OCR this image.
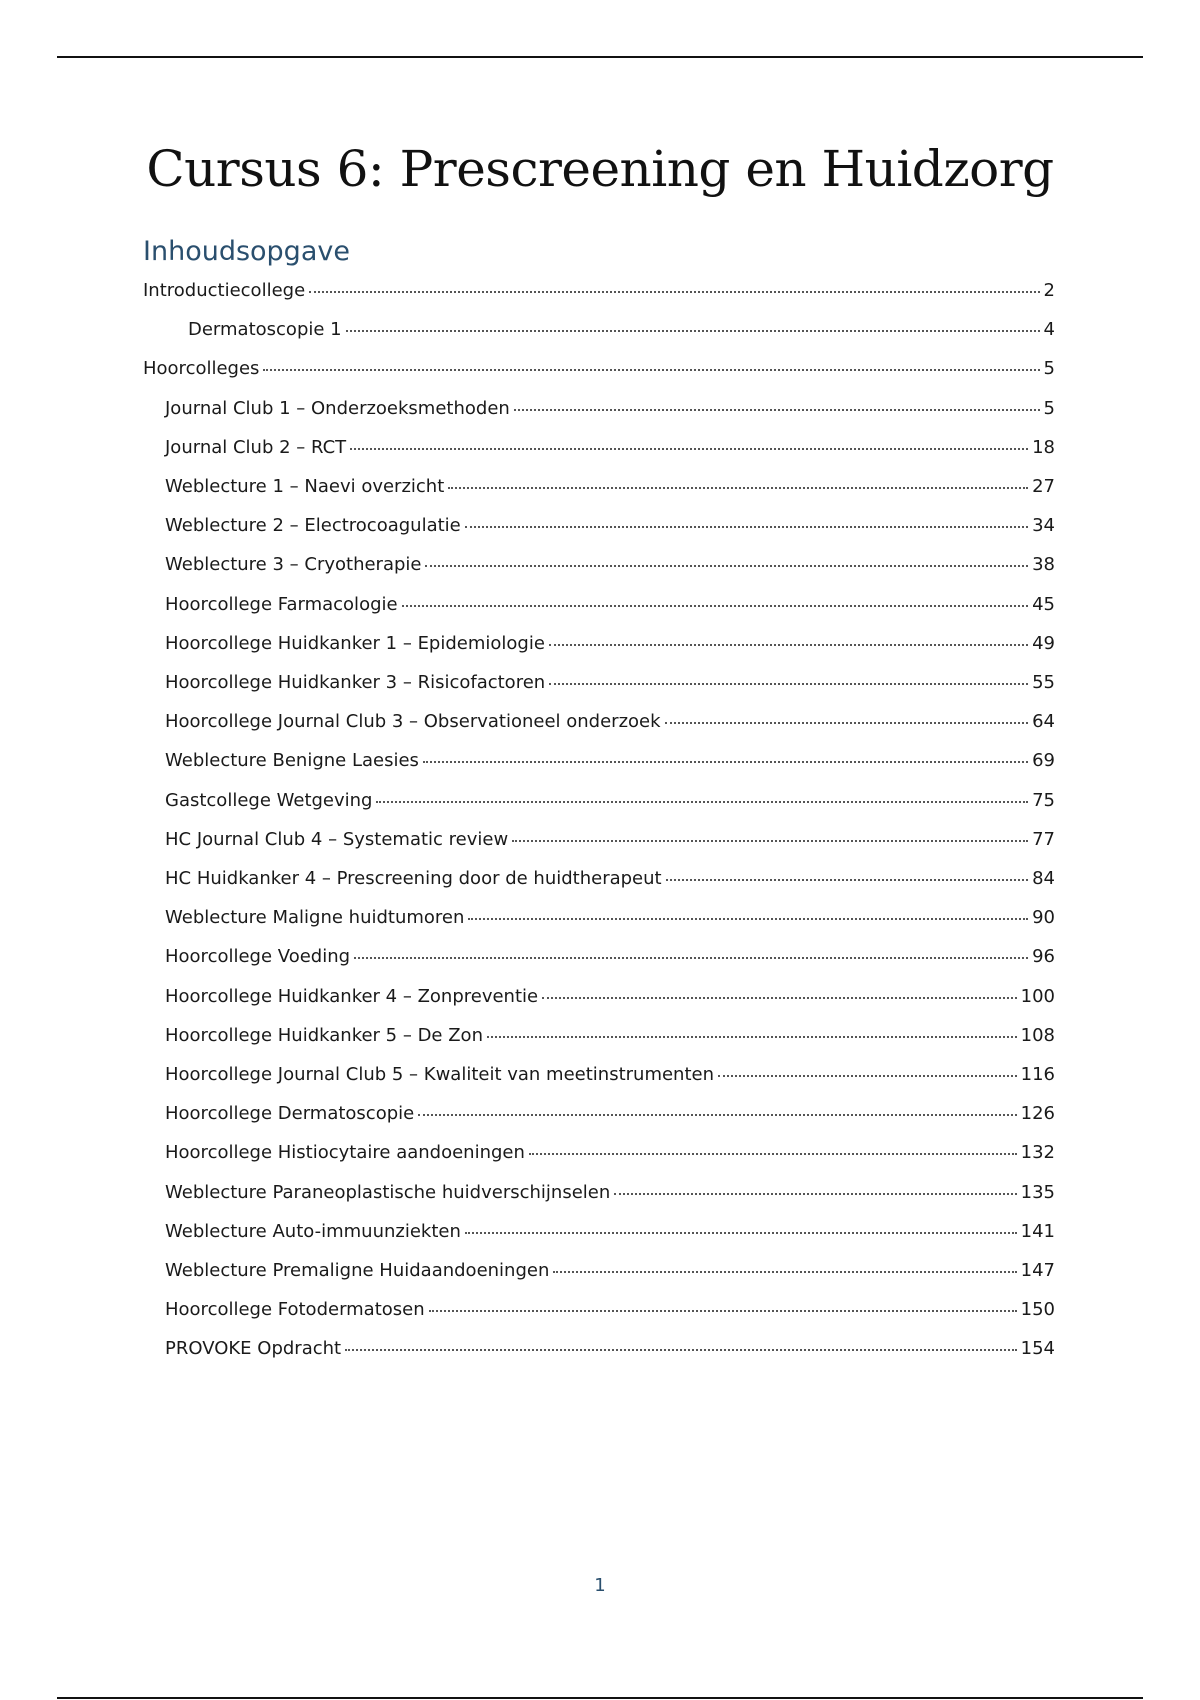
Cursus 6: Prescreening en Huidzorg
Inhoudsopgave
Introductiecollege	2
Dermatoscopie 1	4
Hoorcolleges	5
Journal Club 1 – Onderzoeksmethoden	5
Journal Club 2 – RCT	18
Weblecture 1 – Naevi overzicht	27
Weblecture 2 – Electrocoagulatie	34
Weblecture 3 – Cryotherapie	38
Hoorcollege Farmacologie	45
Hoorcollege Huidkanker 1 – Epidemiologie	49
Hoorcollege Huidkanker 3 – Risicofactoren	55
Hoorcollege Journal Club 3 – Observationeel onderzoek	64
Weblecture Benigne Laesies	69
Gastcollege Wetgeving	75
HC Journal Club 4 – Systematic review	77
HC Huidkanker 4 – Prescreening door de huidtherapeut	84
Weblecture Maligne huidtumoren	90
Hoorcollege Voeding	96
Hoorcollege Huidkanker 4 – Zonpreventie	100
Hoorcollege Huidkanker 5 – De Zon	108
Hoorcollege Journal Club 5 – Kwaliteit van meetinstrumenten	116
Hoorcollege Dermatoscopie	126
Hoorcollege Histiocytaire aandoeningen	132
Weblecture Paraneoplastische huidverschijnselen	135
Weblecture Auto-immuunziekten	141
Weblecture Premaligne Huidaandoeningen	147
Hoorcollege Fotodermatosen	150
PROVOKE Opdracht	154
1
